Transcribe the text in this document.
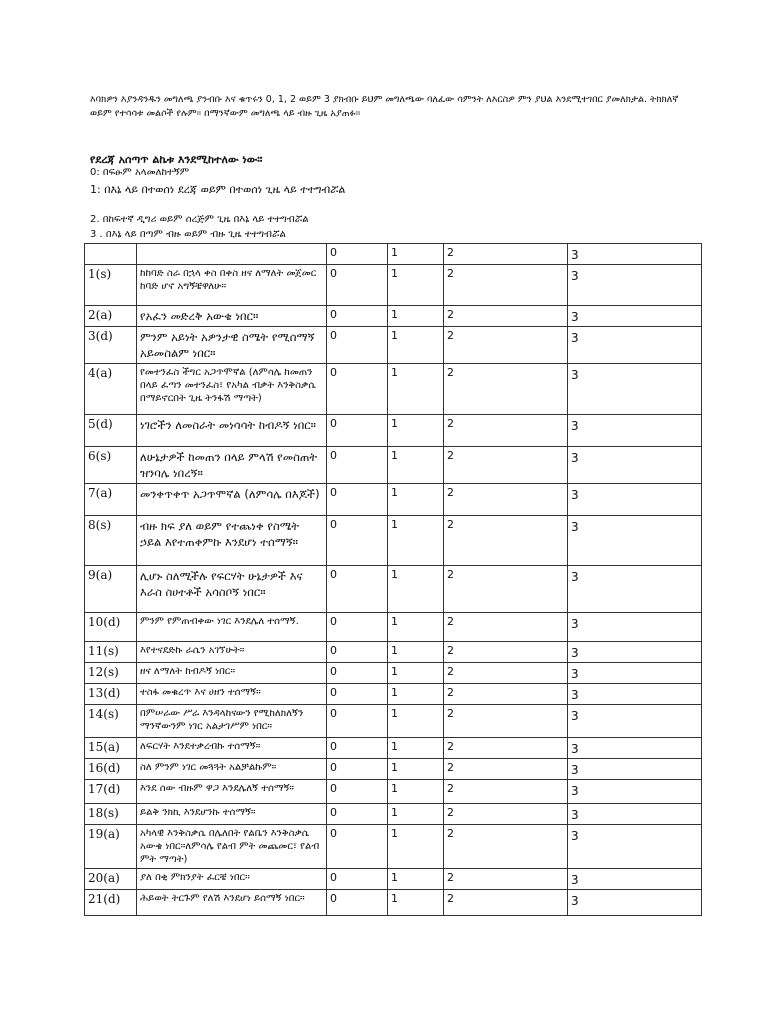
እባክዎን እያንዳንዱን መግለጫ ያንብቡ እና ቁጥሩን 0, 1, 2 ወይም 3 ያክብቡ ይህም መግለጫው ባለፈው ሳምንት ለእርስዎ ምን ያህል እንደሚተገበር ያመለክታል. ትክክለኛ ወይም የተሳሳቱ መልሶች የሉም። በማንኛውም መግለጫ ላይ ብዙ ጊዜ አያጠፉ።
የደረጃ አሰጣጥ ልኬቱ እንደሚከተለው ነው።
0: በፍፁም አላመለከተኝም
1: በእኔ ላይ በተወሰነ ደረጃ ወይም በተወሰነ ጊዜ ላይ ተተግብሯል
2. በከፍተኛ ዲግሪ ወይም ሰረጅም ጊዜ በእኔ ላይ ተተግብሯል
3 . በእኔ ላይ በጣም ብዙ ወይም ብዙ ጊዜ ተተግብሯል
		0	1	2	3
1(s)	ከከባድ ስራ በኋላ ቀስ በቀስ ዘና ለማለት መጀመር ከባድ ሆኖ አግኝቼዋለሁ።	0	1	2	3
2(a)	የአፈን መድረቅ አውቄ ነበር።	0	1	2	3
3(d)	ምንም አይነት አዎንታዊ ስሜት የሚሰማኝ አይመስልም ነበር።	0	1	2	3
4(a)	የመተንፈስ ችግር አጋጥሞኛል (ለምሳሌ ከመጠን በላይ ፈጣን መተንፈስ፣ የአካል ብቃት እንቅስቃሴ በማይኖርበት ጊዜ ትንፋሽ ማጣት)	0	1	2	3
5(d)	ነገሮችን ለመስራት መነሳሳት ከብዶኝ ነበር።	0	1	2	3
6(s)	ለሁኔታዎች ከመጠን በላይ ምላሽ የመስጠት ዝንባሌ ነበረኝ።	0	1	2	3
7(a)	መንቀጥቀጥ አጋጥሞኛል (ለምሳሌ በእጆች)	0	1	2	3
8(s)	ብዙ ክፍ ያለ ወይም የተጨነቀ የስሜት ኃይል እየተጠቀምኩ እንደሆነ ተሰማኝ።	0	1	2	3
9(a)	ሊሆኑ ስለሚችሉ የፍርሃት ሁኔታዎች እና እራስ ስሀተቶች አሳስቦኝ ነበር።	0	1	2	3
10(d)	ምንም የምጠብቀው ነገር እንደሌለ ተሰማኝ.	0	1	2	3
11(s)	እየተናደድኩ ራሴን አገኘሁት።	0	1	2	3
12(s)	ዘና ለማለት ከብዶኝ ነበር።	0	1	2	3
13(d)	ተስፋ መቁረጥ እና ሀዘን ተሰማኝ።	0	1	2	3
14(s)	በምሠራው ሥራ እንዳላከናውን የሚከለክለኝን ማንኛውንም ነገር አልታገሥም ነበር።	0	1	2	3
15(a)	ለፍርሃት እንደተቃረብኩ ተሰማኝ።	0	1	2	3
16(d)	ስለ ምንም ነገር መጓጓት አልቻልኩም።	0	1	2	3
17(d)	እንደ ሰው ብዙም ዋጋ እንደሌለኝ ተሰማኝ።	0	1	2	3
18(s)	ይልቅ ንክኪ እንደሆንኩ ተሰማኝ።	0	1	2	3
19(a)	አካላዊ እንቅስቃሴ በሌለበት የልቤን እንቅስቃሴ አውቄ ነበር።ለምሳሌ የልብ ምት መጨመር፣ የልብ ምት ማጣት)	0	1	2	3
20(a)	ያለ በቂ ምክንያት ፈርቼ ነበር።	0	1	2	3
21(d)	ሕይወት ትርጉም የለሽ እንደሆነ ይሰማኝ ነበር።	0	1	2	3
